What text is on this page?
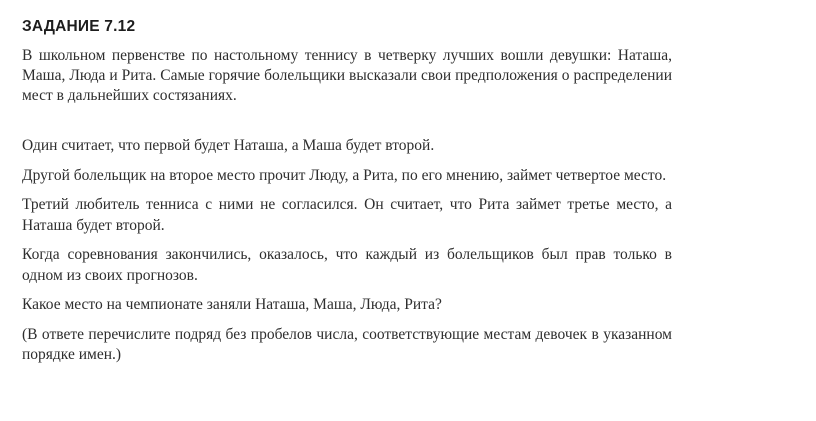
ЗАДАНИЕ 7.12

В школьном первенстве по настольному теннису в четверку лучших вошли девушки: Наташа, Маша, Люда и Рита. Самые горячие болельщики высказали свои предположения о распределении мест в дальнейших состязаниях.

Один считает, что первой будет Наташа, а Маша будет второй.

Другой болельщик на второе место прочит Люду, а Рита, по его мнению, займет четвертое место.

Третий любитель тенниса с ними не согласился. Он считает, что Рита займет третье место, а Наташа будет второй.

Когда соревнования закончились, оказалось, что каждый из болельщиков был прав только в одном из своих прогнозов.

Какое место на чемпионате заняли Наташа, Маша, Люда, Рита?

(В ответе перечислите подряд без пробелов числа, соответствующие местам девочек в указанном порядке имен.)
